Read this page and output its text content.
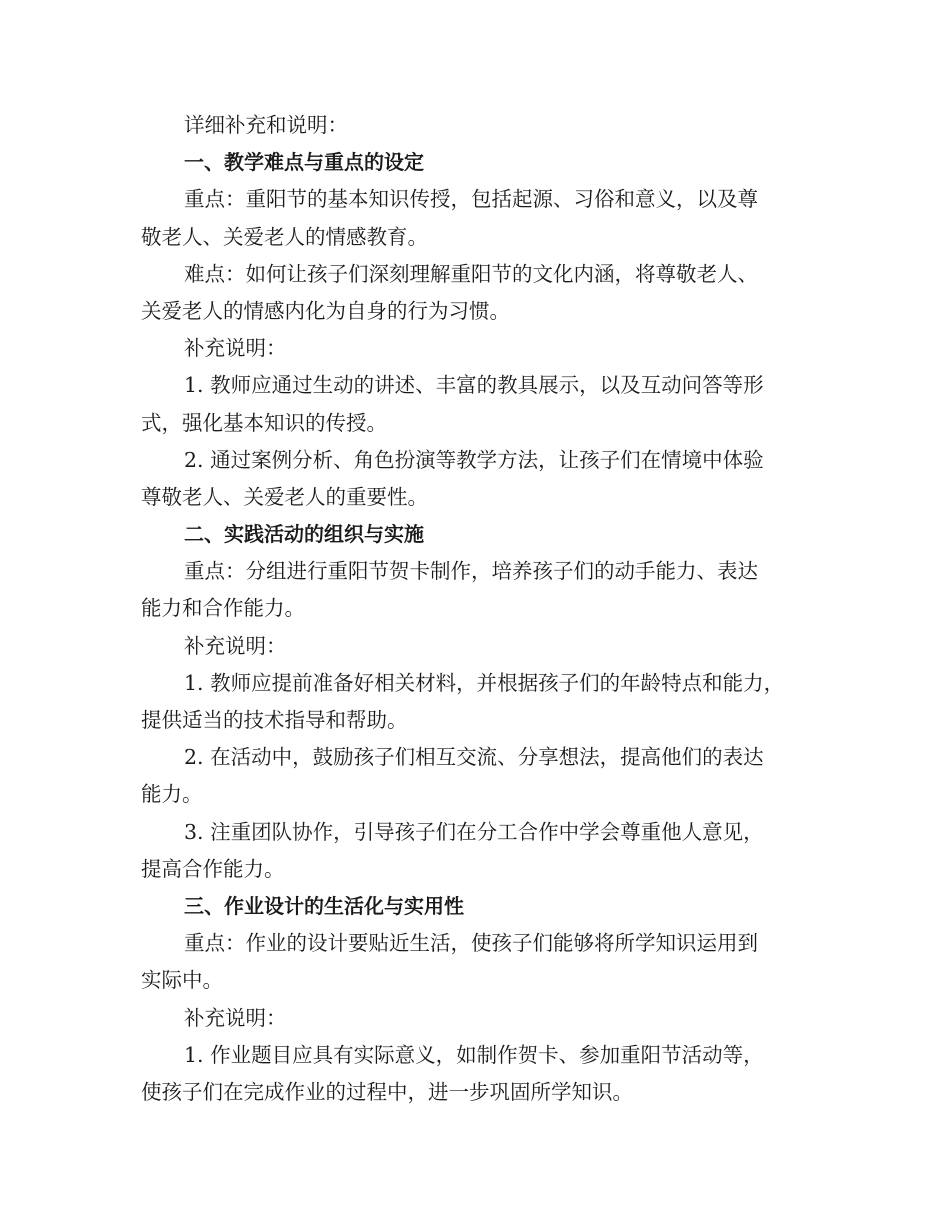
详细补充和说明：
一、教学难点与重点的设定
重点：重阳节的基本知识传授，包括起源、习俗和意义，以及尊
敬老人、关爱老人的情感教育。
难点：如何让孩子们深刻理解重阳节的文化内涵，将尊敬老人、
关爱老人的情感内化为自身的行为习惯。
补充说明：
1. 教师应通过生动的讲述、丰富的教具展示，以及互动问答等形
式，强化基本知识的传授。
2. 通过案例分析、角色扮演等教学方法，让孩子们在情境中体验
尊敬老人、关爱老人的重要性。
二、实践活动的组织与实施
重点：分组进行重阳节贺卡制作，培养孩子们的动手能力、表达
能力和合作能力。
补充说明：
1. 教师应提前准备好相关材料，并根据孩子们的年龄特点和能力，
提供适当的技术指导和帮助。
2. 在活动中，鼓励孩子们相互交流、分享想法，提高他们的表达
能力。
3. 注重团队协作，引导孩子们在分工合作中学会尊重他人意见，
提高合作能力。
三、作业设计的生活化与实用性
重点：作业的设计要贴近生活，使孩子们能够将所学知识运用到
实际中。
补充说明：
1. 作业题目应具有实际意义，如制作贺卡、参加重阳节活动等，
使孩子们在完成作业的过程中，进一步巩固所学知识。
